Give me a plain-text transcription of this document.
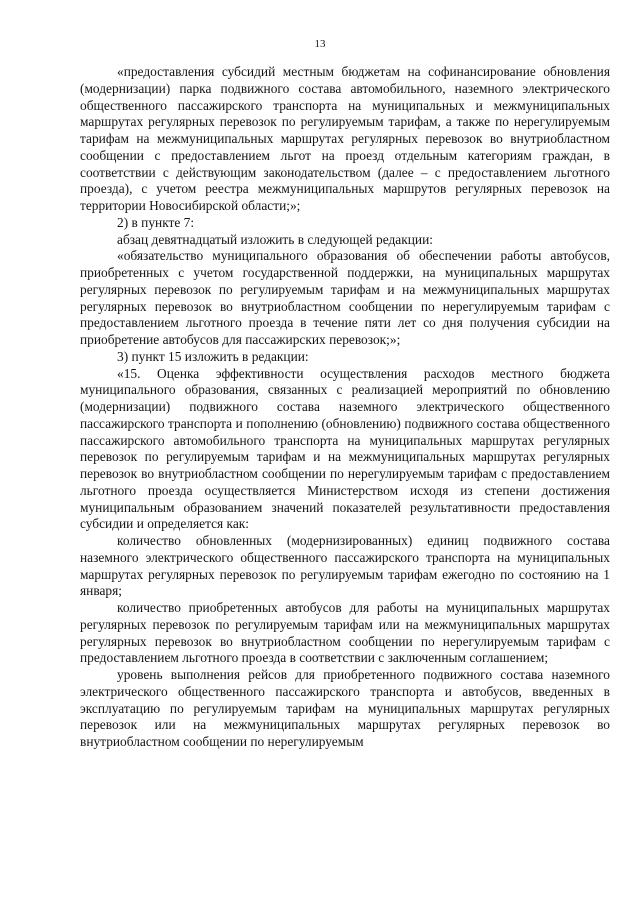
13

«предоставления субсидий местным бюджетам на софинансирование обновления (модернизации) парка подвижного состава автомобильного, наземного электрического общественного пассажирского транспорта на муниципальных и межмуниципальных маршрутах регулярных перевозок по регулируемым тарифам, а также по нерегулируемым тарифам на межмуниципальных маршрутах регулярных перевозок во внутриобластном сообщении с предоставлением льгот на проезд отдельным категориям граждан, в соответствии с действующим законодательством (далее – с предоставлением льготного проезда), с учетом реестра межмуниципальных маршрутов регулярных перевозок на территории Новосибирской области;»;

2) в пункте 7:

абзац девятнадцатый изложить в следующей редакции:

«обязательство муниципального образования об обеспечении работы автобусов, приобретенных с учетом государственной поддержки, на муниципальных маршрутах регулярных перевозок по регулируемым тарифам и на межмуниципальных маршрутах регулярных перевозок во внутриобластном сообщении по нерегулируемым тарифам с предоставлением льготного проезда в течение пяти лет со дня получения субсидии на приобретение автобусов для пассажирских перевозок;»;

3) пункт 15 изложить в редакции:

«15. Оценка эффективности осуществления расходов местного бюджета муниципального образования, связанных с реализацией мероприятий по обновлению (модернизации) подвижного состава наземного электрического общественного пассажирского транспорта и пополнению (обновлению) подвижного состава общественного пассажирского автомобильного транспорта на муниципальных маршрутах регулярных перевозок по регулируемым тарифам и на межмуниципальных маршрутах регулярных перевозок во внутриобластном сообщении по нерегулируемым тарифам с предоставлением льготного проезда осуществляется Министерством исходя из степени достижения муниципальным образованием значений показателей результативности предоставления субсидии и определяется как:

количество обновленных (модернизированных) единиц подвижного состава наземного электрического общественного пассажирского транспорта на муниципальных маршрутах регулярных перевозок по регулируемым тарифам ежегодно по состоянию на 1 января;

количество приобретенных автобусов для работы на муниципальных маршрутах регулярных перевозок по регулируемым тарифам или на межмуниципальных маршрутах регулярных перевозок во внутриобластном сообщении по нерегулируемым тарифам с предоставлением льготного проезда в соответствии с заключенным соглашением;

уровень выполнения рейсов для приобретенного подвижного состава наземного электрического общественного пассажирского транспорта и автобусов, введенных в эксплуатацию по регулируемым тарифам на муниципальных маршрутах регулярных перевозок или на межмуниципальных маршрутах регулярных перевозок во внутриобластном сообщении по нерегулируемым
